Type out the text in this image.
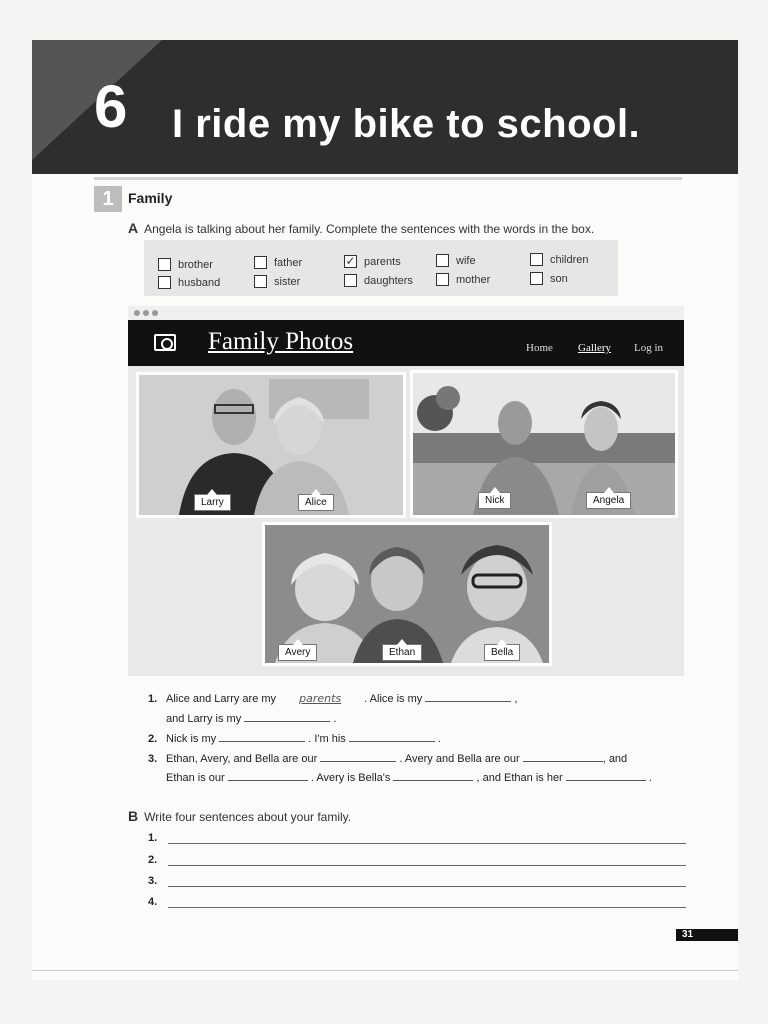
6 I ride my bike to school.
1	Family
A Angela is talking about her family. Complete the sentences with the words in the box.
brother	father	✓ parents	wife	children
husband	sister	daughters	mother	son
Family Photos	Home Gallery Log in
Larry	Alice	Nick	Angela
Avery	Ethan	Bella
1. Alice and Larry are my parents . Alice is my	,
and Larry is my	.
2. Nick is my	. I'm his	.
3. Ethan, Avery, and Bella are our	. Avery and Bella are our	, and
Ethan is our	. Avery is Bella's	, and Ethan is her	.
B Write four sentences about your family.
1.
2.
3.
4.
31
